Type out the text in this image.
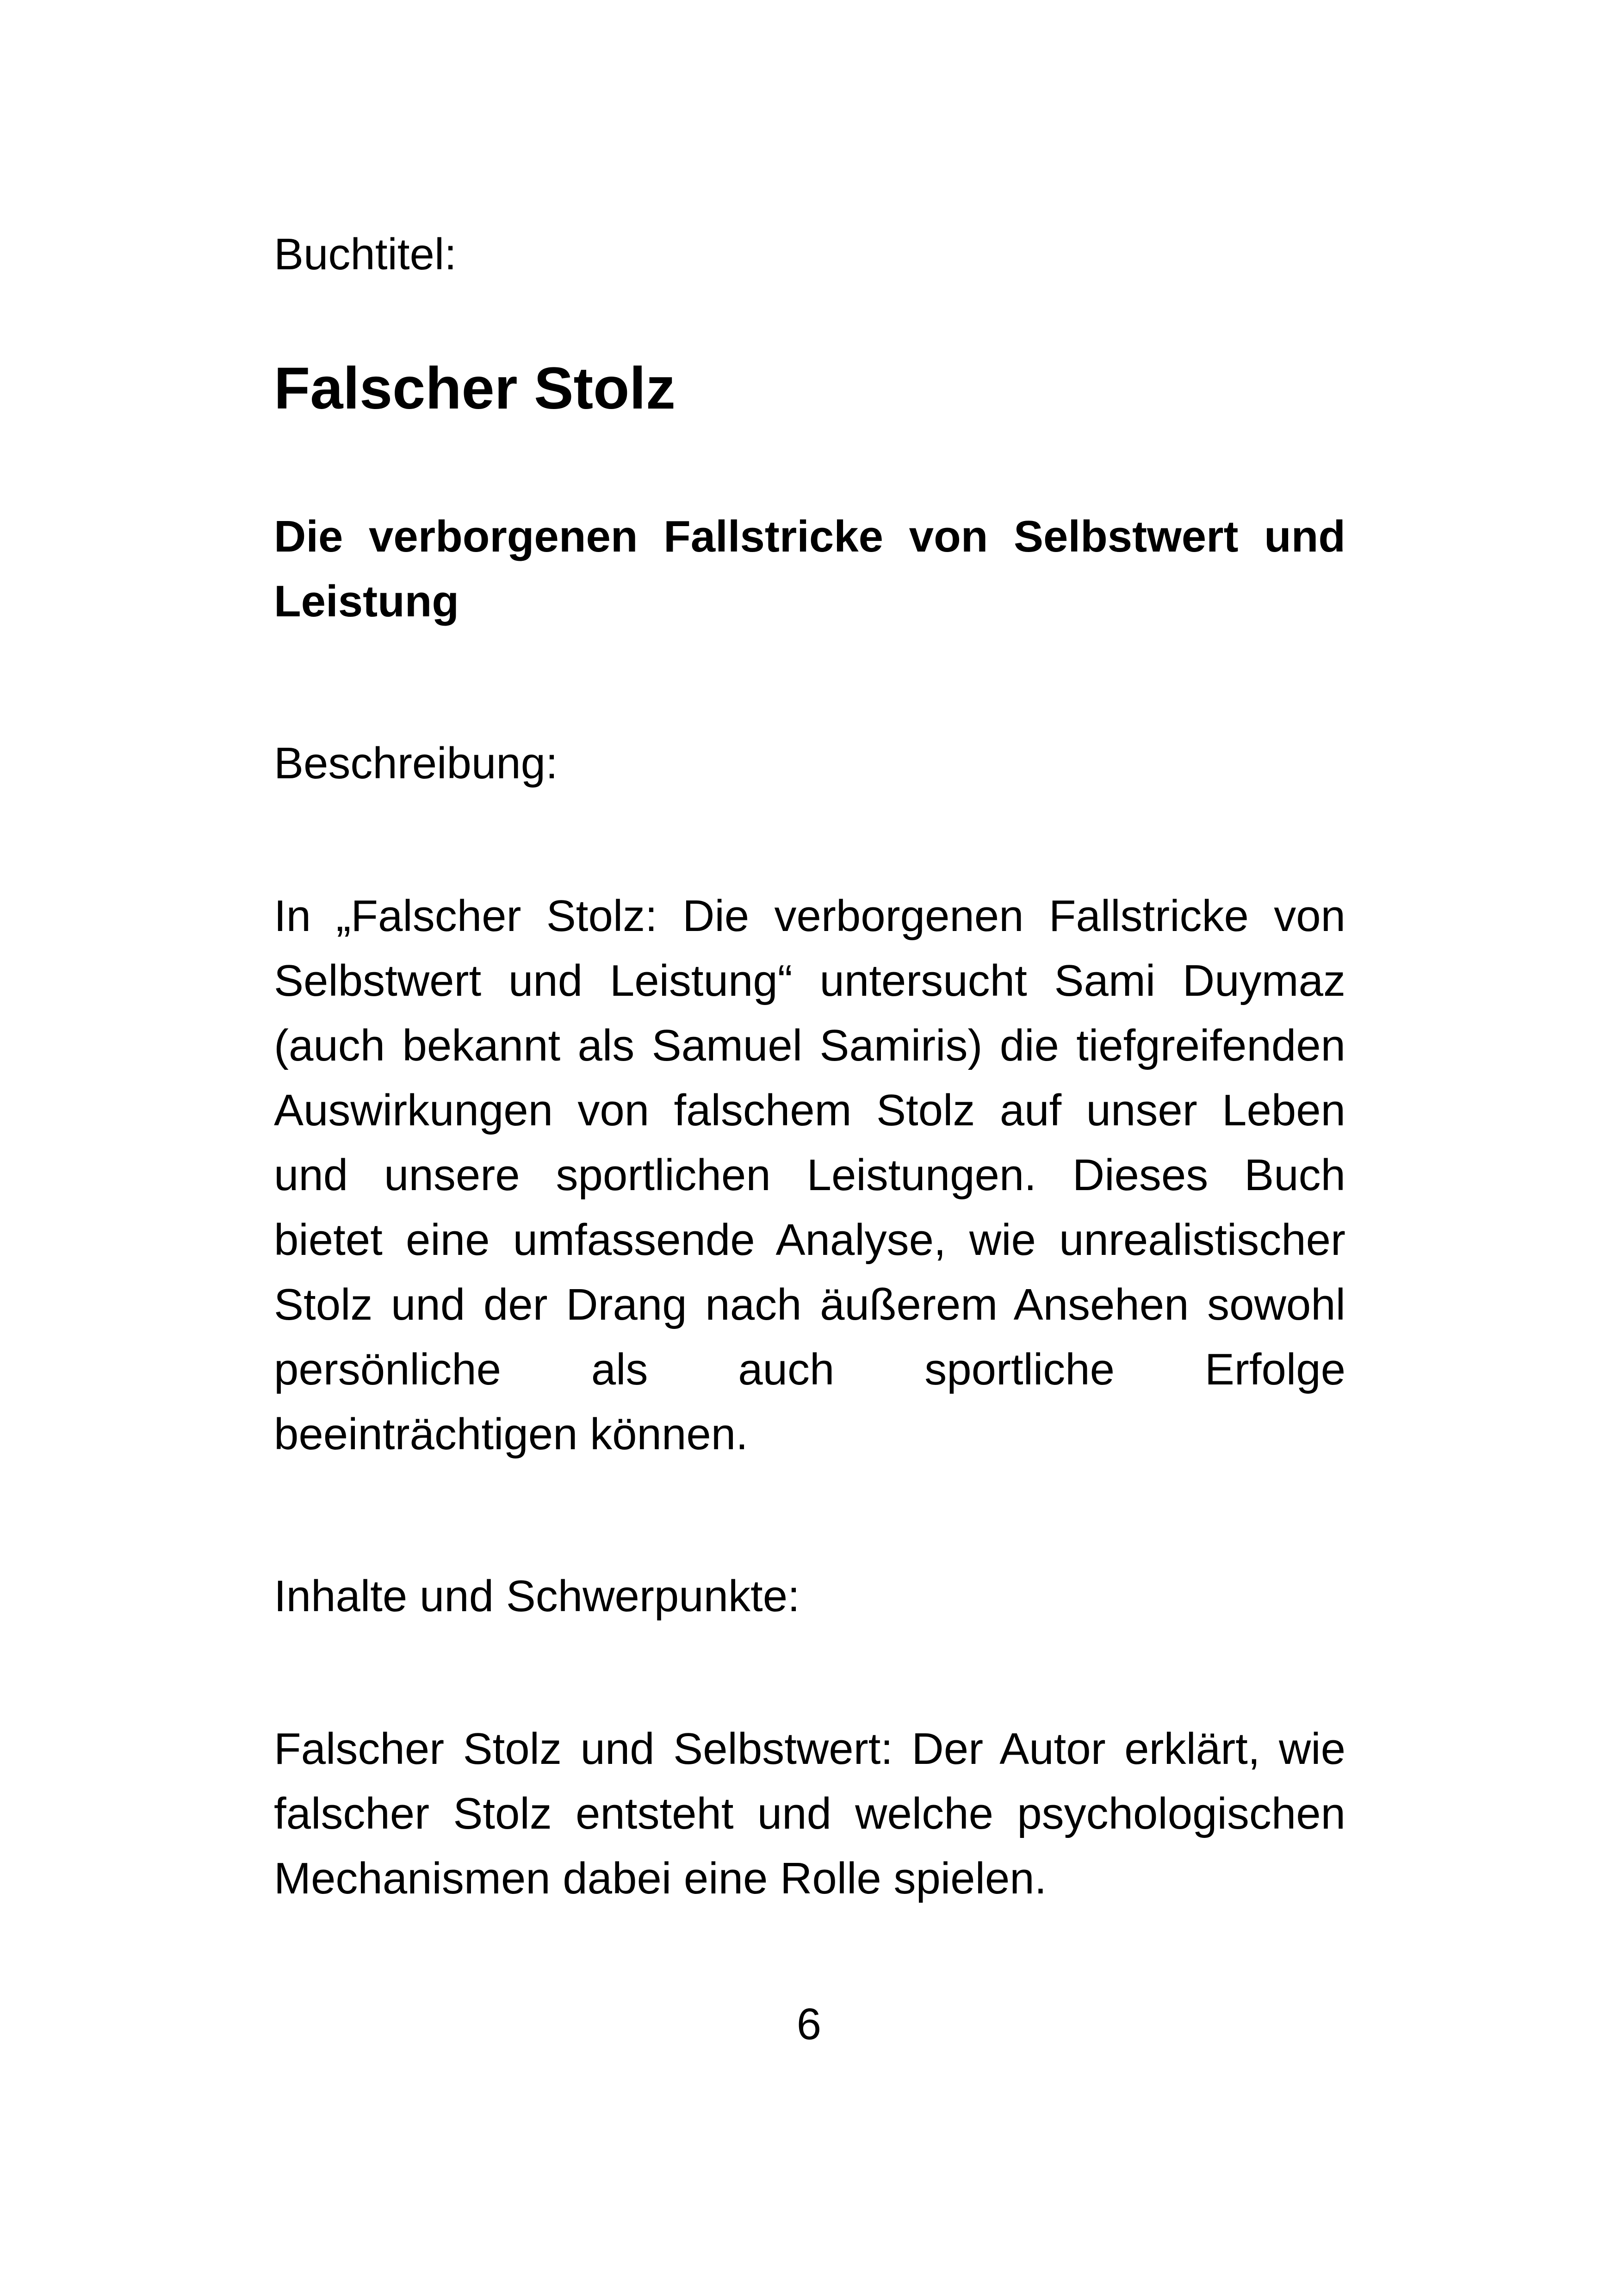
Buchtitel:

Falscher Stolz
Die verborgenen Fallstricke von Selbstwert und Leistung

Beschreibung:

In „Falscher Stolz: Die verborgenen Fallstricke von Selbstwert und Leistung“ untersucht Sami Duymaz (auch bekannt als Samuel Samiris) die tiefgreifenden Auswirkungen von falschem Stolz auf unser Leben und unsere sportlichen Leistungen. Dieses Buch bietet eine umfassende Analyse, wie unrealistischer Stolz und der Drang nach äußerem Ansehen sowohl persönliche als auch sportliche Erfolge beeinträchtigen können.

Inhalte und Schwerpunkte:

Falscher Stolz und Selbstwert: Der Autor erklärt, wie falscher Stolz entsteht und welche psychologischen Mechanismen dabei eine Rolle spielen.

6
